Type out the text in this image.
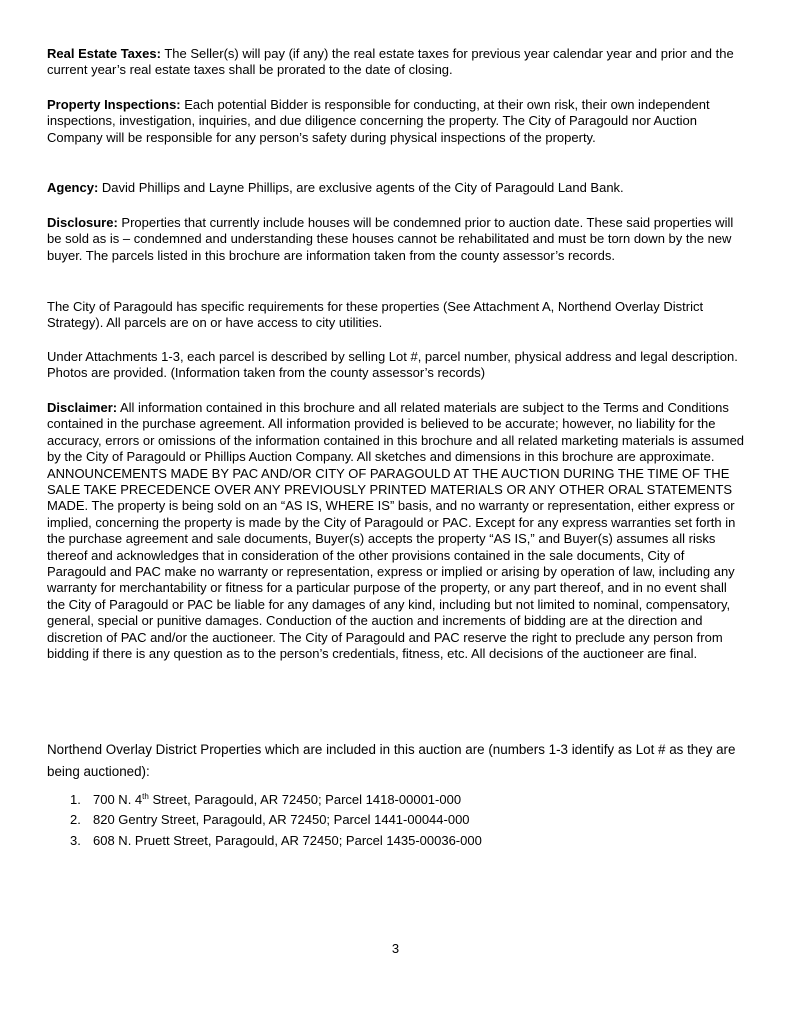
Real Estate Taxes: The Seller(s) will pay (if any) the real estate taxes for previous year calendar year and prior and the current year’s real estate taxes shall be prorated to the date of closing.

Property Inspections: Each potential Bidder is responsible for conducting, at their own risk, their own independent inspections, investigation, inquiries, and due diligence concerning the property. The City of Paragould nor Auction Company will be responsible for any person’s safety during physical inspections of the property.

Agency: David Phillips and Layne Phillips, are exclusive agents of the City of Paragould Land Bank.

Disclosure: Properties that currently include houses will be condemned prior to auction date. These said properties will be sold as is – condemned and understanding these houses cannot be rehabilitated and must be torn down by the new buyer. The parcels listed in this brochure are information taken from the county assessor’s records.

The City of Paragould has specific requirements for these properties (See Attachment A, Northend Overlay District Strategy). All parcels are on or have access to city utilities.

Under Attachments 1-3, each parcel is described by selling Lot #, parcel number, physical address and legal description. Photos are provided. (Information taken from the county assessor’s records)

Disclaimer: All information contained in this brochure and all related materials are subject to the Terms and Conditions contained in the purchase agreement. All information provided is believed to be accurate; however, no liability for the accuracy, errors or omissions of the information contained in this brochure and all related marketing materials is assumed by the City of Paragould or Phillips Auction Company. All sketches and dimensions in this brochure are approximate. ANNOUNCEMENTS MADE BY PAC AND/OR CITY OF PARAGOULD AT THE AUCTION DURING THE TIME OF THE SALE TAKE PRECEDENCE OVER ANY PREVIOUSLY PRINTED MATERIALS OR ANY OTHER ORAL STATEMENTS MADE. The property is being sold on an “AS IS, WHERE IS” basis, and no warranty or representation, either express or implied, concerning the property is made by the City of Paragould or PAC. Except for any express warranties set forth in the purchase agreement and sale documents, Buyer(s) accepts the property “AS IS,” and Buyer(s) assumes all risks thereof and acknowledges that in consideration of the other provisions contained in the sale documents, City of Paragould and PAC make no warranty or representation, express or implied or arising by operation of law, including any warranty for merchantability or fitness for a particular purpose of the property, or any part thereof, and in no event shall the City of Paragould or PAC be liable for any damages of any kind, including but not limited to nominal, compensatory, general, special or punitive damages. Conduction of the auction and increments of bidding are at the direction and discretion of PAC and/or the auctioneer. The City of Paragould and PAC reserve the right to preclude any person from bidding if there is any question as to the person’s credentials, fitness, etc. All decisions of the auctioneer are final.

Northend Overlay District Properties which are included in this auction are (numbers 1-3 identify as Lot # as they are being auctioned):

1. 700 N. 4th Street, Paragould, AR 72450; Parcel 1418-00001-000
2. 820 Gentry Street, Paragould, AR 72450; Parcel 1441-00044-000
3. 608 N. Pruett Street, Paragould, AR 72450; Parcel 1435-00036-000
3
